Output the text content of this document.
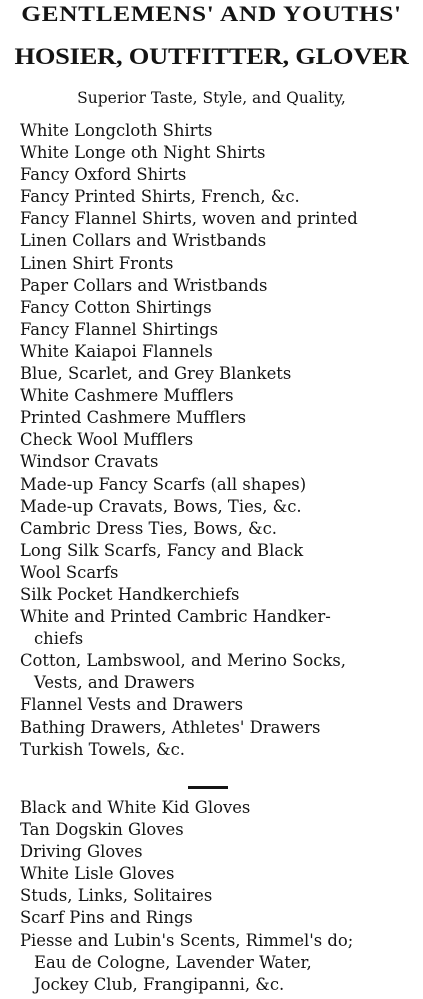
GENTLEMENS' AND YOUTHS'
HOSIER, OUTFITTER, GLOVER
Superior Taste, Style, and Quality,
White Longcloth Shirts
White Longe oth Night Shirts
Fancy Oxford Shirts
Fancy Printed Shirts, French, &c.
Fancy Flannel Shirts, woven and printed
Linen Collars and Wristbands
Linen Shirt Fronts
Paper Collars and Wristbands
Fancy Cotton Shirtings
Fancy Flannel Shirtings
White Kaiapoi Flannels
Blue, Scarlet, and Grey Blankets
White Cashmere Mufflers
Printed Cashmere Mufflers
Check Wool Mufflers
Windsor Cravats
Made-up Fancy Scarfs (all shapes)
Made-up Cravats, Bows, Ties, &c.
Cambric Dress Ties, Bows, &c.
Long Silk Scarfs, Fancy and Black
Wool Scarfs
Silk Pocket Handkerchiefs
White and Printed Cambric Handker-
chiefs
Cotton, Lambswool, and Merino Socks,
Vests, and Drawers
Flannel Vests and Drawers
Bathing Drawers, Athletes' Drawers
Turkish Towels, &c.
Black and White Kid Gloves
Tan Dogskin Gloves
Driving Gloves
White Lisle Gloves
Studs, Links, Solitaires
Scarf Pins and Rings
Piesse and Lubin's Scents, Rimmel's do;
Eau de Cologne, Lavender Water,
Jockey Club, Frangipanni, &c.
